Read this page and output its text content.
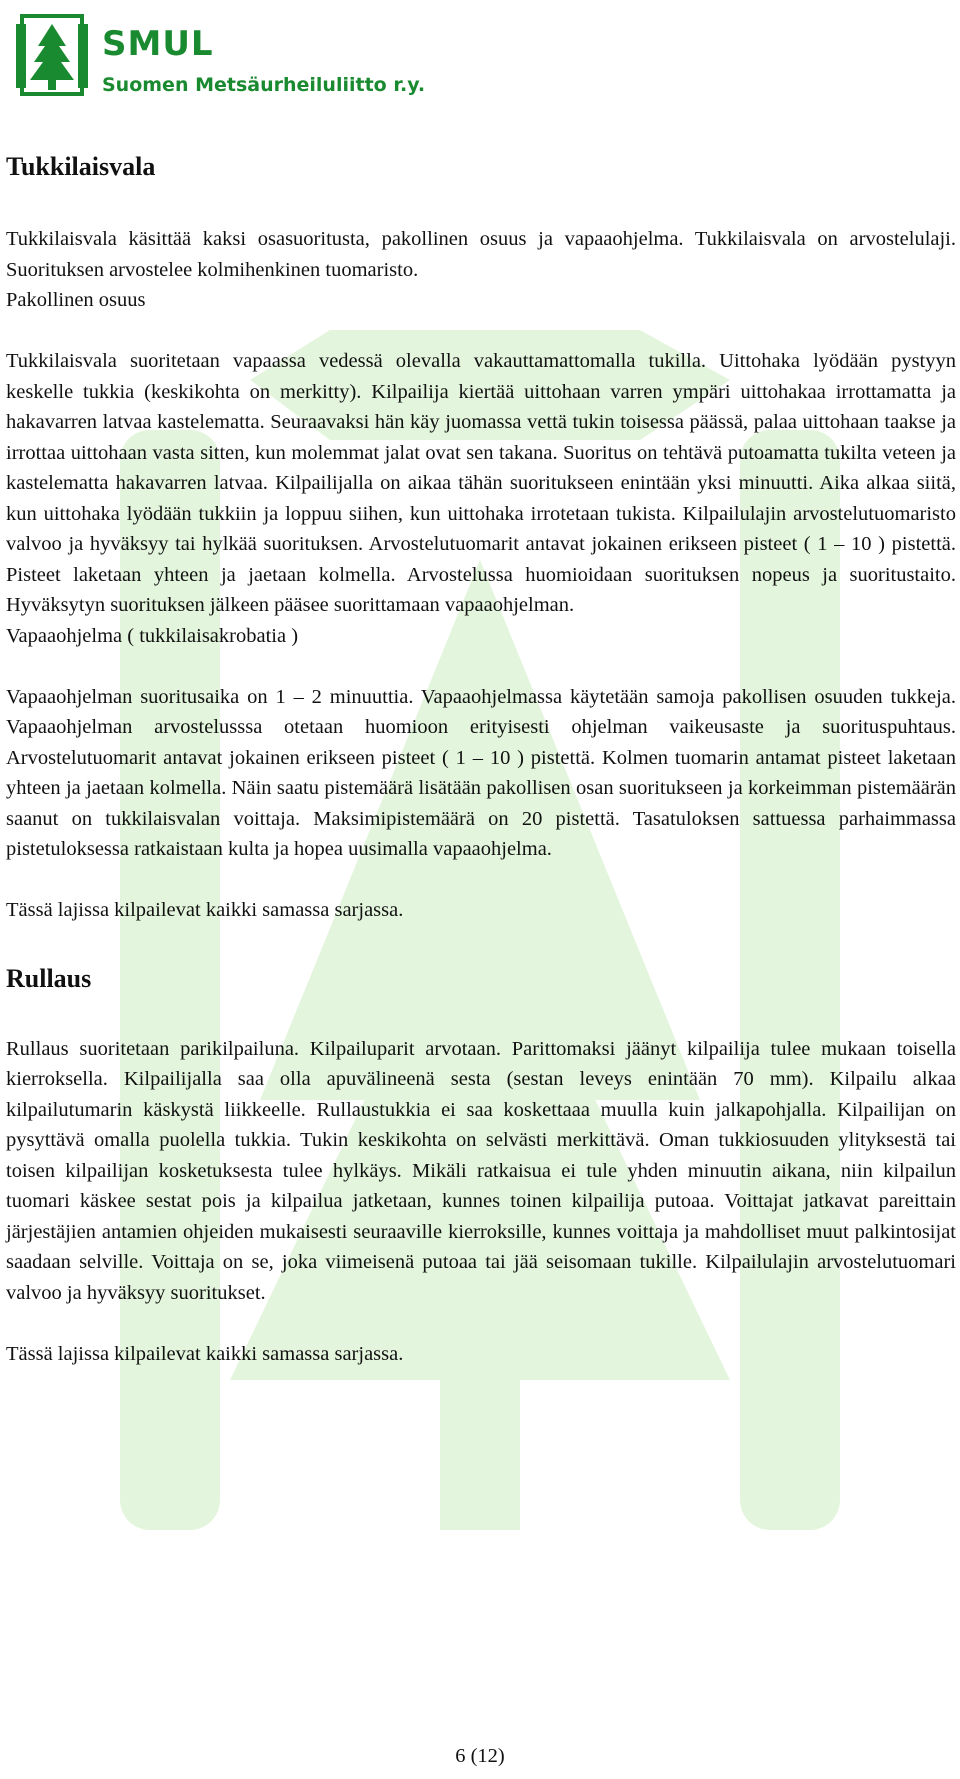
SMUL
Suomen Metsäurheiluliitto r.y.
Tukkilaisvala

Tukkilaisvala käsittää kaksi osasuoritusta, pakollinen osuus ja vapaaohjelma. Tukkilaisvala on arvostelulaji. Suorituksen arvostelee kolmihenkinen tuomaristo.

Pakollinen osuus

Tukkilaisvala suoritetaan vapaassa vedessä olevalla vakauttamattomalla tukilla. Uittohaka lyödään pystyyn keskelle tukkia (keskikohta on merkitty). Kilpailija kiertää uittohaan varren ympäri uittohakaa irrottamatta ja hakavarren latvaa kastelematta. Seuraavaksi hän käy juomassa vettä tukin toisessa päässä, palaa uittohaan taakse ja irrottaa uittohaan vasta sitten, kun molemmat jalat ovat sen takana. Suoritus on tehtävä putoamatta tukilta veteen ja kastelematta hakavarren latvaa. Kilpailijalla on aikaa tähän suoritukseen enintään yksi minuutti. Aika alkaa siitä, kun uittohaka lyödään tukkiin ja loppuu siihen, kun uittohaka irrotetaan tukista. Kilpailulajin arvostelutuomaristo valvoo ja hyväksyy tai hylkää suorituksen. Arvostelutuomarit antavat jokainen erikseen pisteet ( 1 – 10 ) pistettä. Pisteet laketaan yhteen ja jaetaan kolmella. Arvostelussa huomioidaan suorituksen nopeus ja suoritustaito. Hyväksytyn suorituksen jälkeen pääsee suorittamaan vapaaohjelman.

Vapaaohjelma ( tukkilaisakrobatia )

Vapaaohjelman suoritusaika on 1 – 2 minuuttia. Vapaaohjelmassa käytetään samoja pakollisen osuuden tukkeja. Vapaaohjelman arvostelusssa otetaan huomioon erityisesti ohjelman vaikeusaste ja suorituspuhtaus. Arvostelutuomarit antavat jokainen erikseen pisteet ( 1 – 10 ) pistettä. Kolmen tuomarin antamat pisteet laketaan yhteen ja jaetaan kolmella. Näin saatu pistemäärä lisätään pakollisen osan suoritukseen ja korkeimman pistemäärän saanut on tukkilaisvalan voittaja. Maksimipistemäärä on 20 pistettä. Tasatuloksen sattuessa parhaimmassa pistetuloksessa ratkaistaan kulta ja hopea uusimalla vapaaohjelma.

Tässä lajissa kilpailevat kaikki samassa sarjassa.

Rullaus

Rullaus suoritetaan parikilpailuna. Kilpailuparit arvotaan. Parittomaksi jäänyt kilpailija tulee mukaan toisella kierroksella. Kilpailijalla saa olla apuvälineenä sesta (sestan leveys enintään 70 mm). Kilpailu alkaa kilpailutumarin käskystä liikkeelle. Rullaustukkia ei saa koskettaaa muulla kuin jalkapohjalla. Kilpailijan on pysyttävä omalla puolella tukkia. Tukin keskikohta on selvästi merkittävä. Oman tukkiosuuden ylityksestä tai toisen kilpailijan kosketuksesta tulee hylkäys. Mikäli ratkaisua ei tule yhden minuutin aikana, niin kilpailun tuomari käskee sestat pois ja kilpailua jatketaan, kunnes toinen kilpailija putoaa. Voittajat jatkavat pareittain järjestäjien antamien ohjeiden mukaisesti seuraaville kierroksille, kunnes voittaja ja mahdolliset muut palkintosijat saadaan selville. Voittaja on se, joka viimeisenä putoaa tai jää seisomaan tukille. Kilpailulajin arvostelutuomari valvoo ja hyväksyy suoritukset.

Tässä lajissa kilpailevat kaikki samassa sarjassa.

6 (12)
